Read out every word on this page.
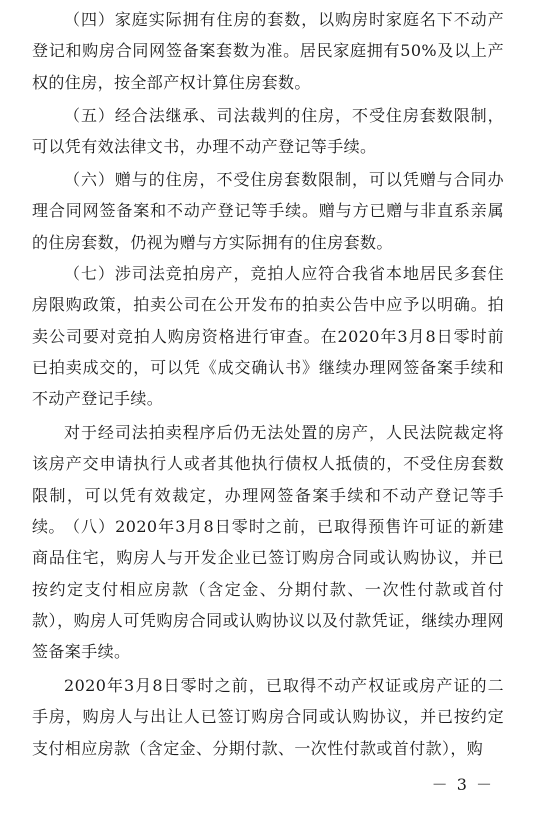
（四）家庭实际拥有住房的套数，以购房时家庭名下不动产登记和购房合同网签备案套数为准。居民家庭拥有50%及以上产权的住房，按全部产权计算住房套数。

（五）经合法继承、司法裁判的住房，不受住房套数限制，可以凭有效法律文书，办理不动产登记等手续。

（六）赠与的住房，不受住房套数限制，可以凭赠与合同办理合同网签备案和不动产登记等手续。赠与方已赠与非直系亲属的住房套数，仍视为赠与方实际拥有的住房套数。

（七）涉司法竞拍房产，竞拍人应符合我省本地居民多套住房限购政策，拍卖公司在公开发布的拍卖公告中应予以明确。拍卖公司要对竞拍人购房资格进行审查。在2020年3月8日零时前已拍卖成交的，可以凭《成交确认书》继续办理网签备案手续和不动产登记手续。

对于经司法拍卖程序后仍无法处置的房产，人民法院裁定将该房产交申请执行人或者其他执行债权人抵债的，不受住房套数限制，可以凭有效裁定，办理网签备案手续和不动产登记等手续。 （八）2020年3月8日零时之前，已取得预售许可证的新建商品住宅，购房人与开发企业已签订购房合同或认购协议，并已按约定支付相应房款（含定金、分期付款、一次性付款或首付款），购房人可凭购房合同或认购协议以及付款凭证，继续办理网签备案手续。

2020年3月8日零时之前，已取得不动产权证或房产证的二手房，购房人与出让人已签订购房合同或认购协议，并已按约定支付相应房款（含定金、分期付款、一次性付款或首付款），购

－ 3 －
